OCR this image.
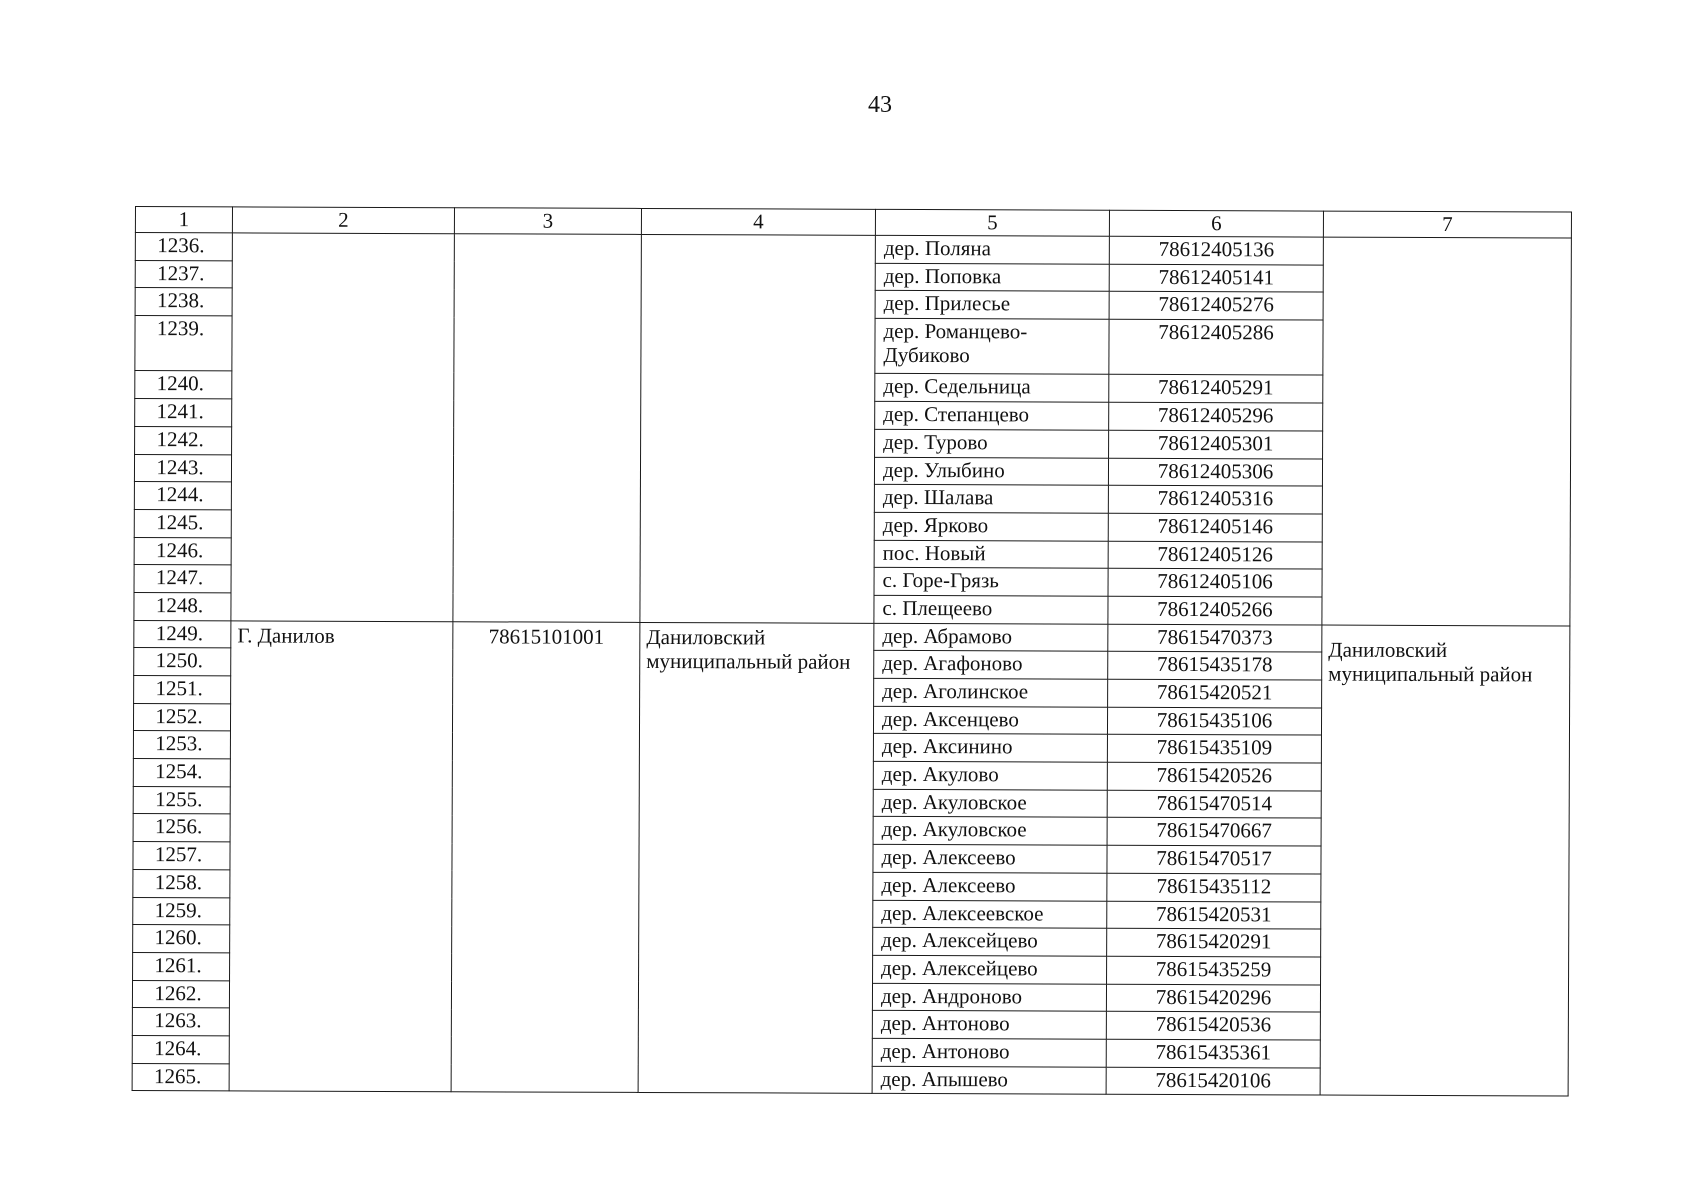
43
1	2	3	4	5	6	7
1236.				дер. Поляна	78612405136	
1237.				дер. Поповка	78612405141	
1238.				дер. Прилесье	78612405276	
1239.				дер. Романцево-Дубиково	78612405286	
1240.				дер. Седельница	78612405291	
1241.				дер. Степанцево	78612405296	
1242.				дер. Турово	78612405301	
1243.				дер. Улыбино	78612405306	
1244.				дер. Шалава	78612405316	
1245.				дер. Ярково	78612405146	
1246.				пос. Новый	78612405126	
1247.				с. Горе-Грязь	78612405106	
1248.				с. Плещеево	78612405266	
1249.	Г. Данилов	78615101001	Даниловский муниципальный район	дер. Абрамово	78615470373	Даниловский муниципальный район
1250.				дер. Агафоново	78615435178	
1251.				дер. Аголинское	78615420521	
1252.				дер. Аксенцево	78615435106	
1253.				дер. Аксинино	78615435109	
1254.				дер. Акулово	78615420526	
1255.				дер. Акуловское	78615470514	
1256.				дер. Акуловское	78615470667	
1257.				дер. Алексеево	78615470517	
1258.				дер. Алексеево	78615435112	
1259.				дер. Алексеевское	78615420531	
1260.				дер. Алексейцево	78615420291	
1261.				дер. Алексейцево	78615435259	
1262.				дер. Андроново	78615420296	
1263.				дер. Антоново	78615420536	
1264.				дер. Антоново	78615435361	
1265.				дер. Апышево	78615420106	
